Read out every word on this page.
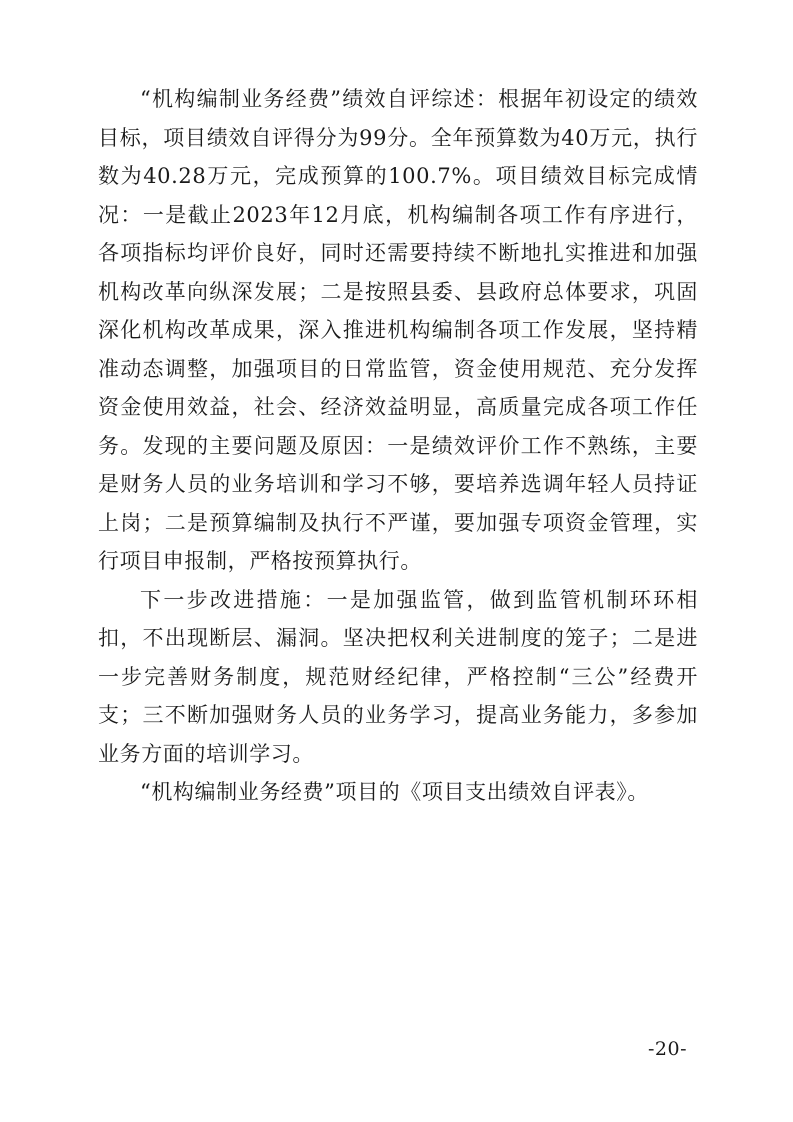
“机构编制业务经费”绩效自评综述：根据年初设定的绩效目标，项目绩效自评得分为99分。全年预算数为40万元，执行数为40.28万元，完成预算的100.7%。项目绩效目标完成情况：一是截止2023年12月底，机构编制各项工作有序进行，各项指标均评价良好，同时还需要持续不断地扎实推进和加强机构改革向纵深发展；二是按照县委、县政府总体要求，巩固深化机构改革成果，深入推进机构编制各项工作发展，坚持精准动态调整，加强项目的日常监管，资金使用规范、充分发挥资金使用效益，社会、经济效益明显，高质量完成各项工作任务。发现的主要问题及原因：一是绩效评价工作不熟练，主要是财务人员的业务培训和学习不够，要培养选调年轻人员持证上岗；二是预算编制及执行不严谨，要加强专项资金管理，实行项目申报制，严格按预算执行。

下一步改进措施：一是加强监管，做到监管机制环环相扣，不出现断层、漏洞。坚决把权利关进制度的笼子；二是进一步完善财务制度，规范财经纪律，严格控制“三公”经费开支；三不断加强财务人员的业务学习，提高业务能力，多参加业务方面的培训学习。

“机构编制业务经费”项目的《项目支出绩效自评表》。

-20-
